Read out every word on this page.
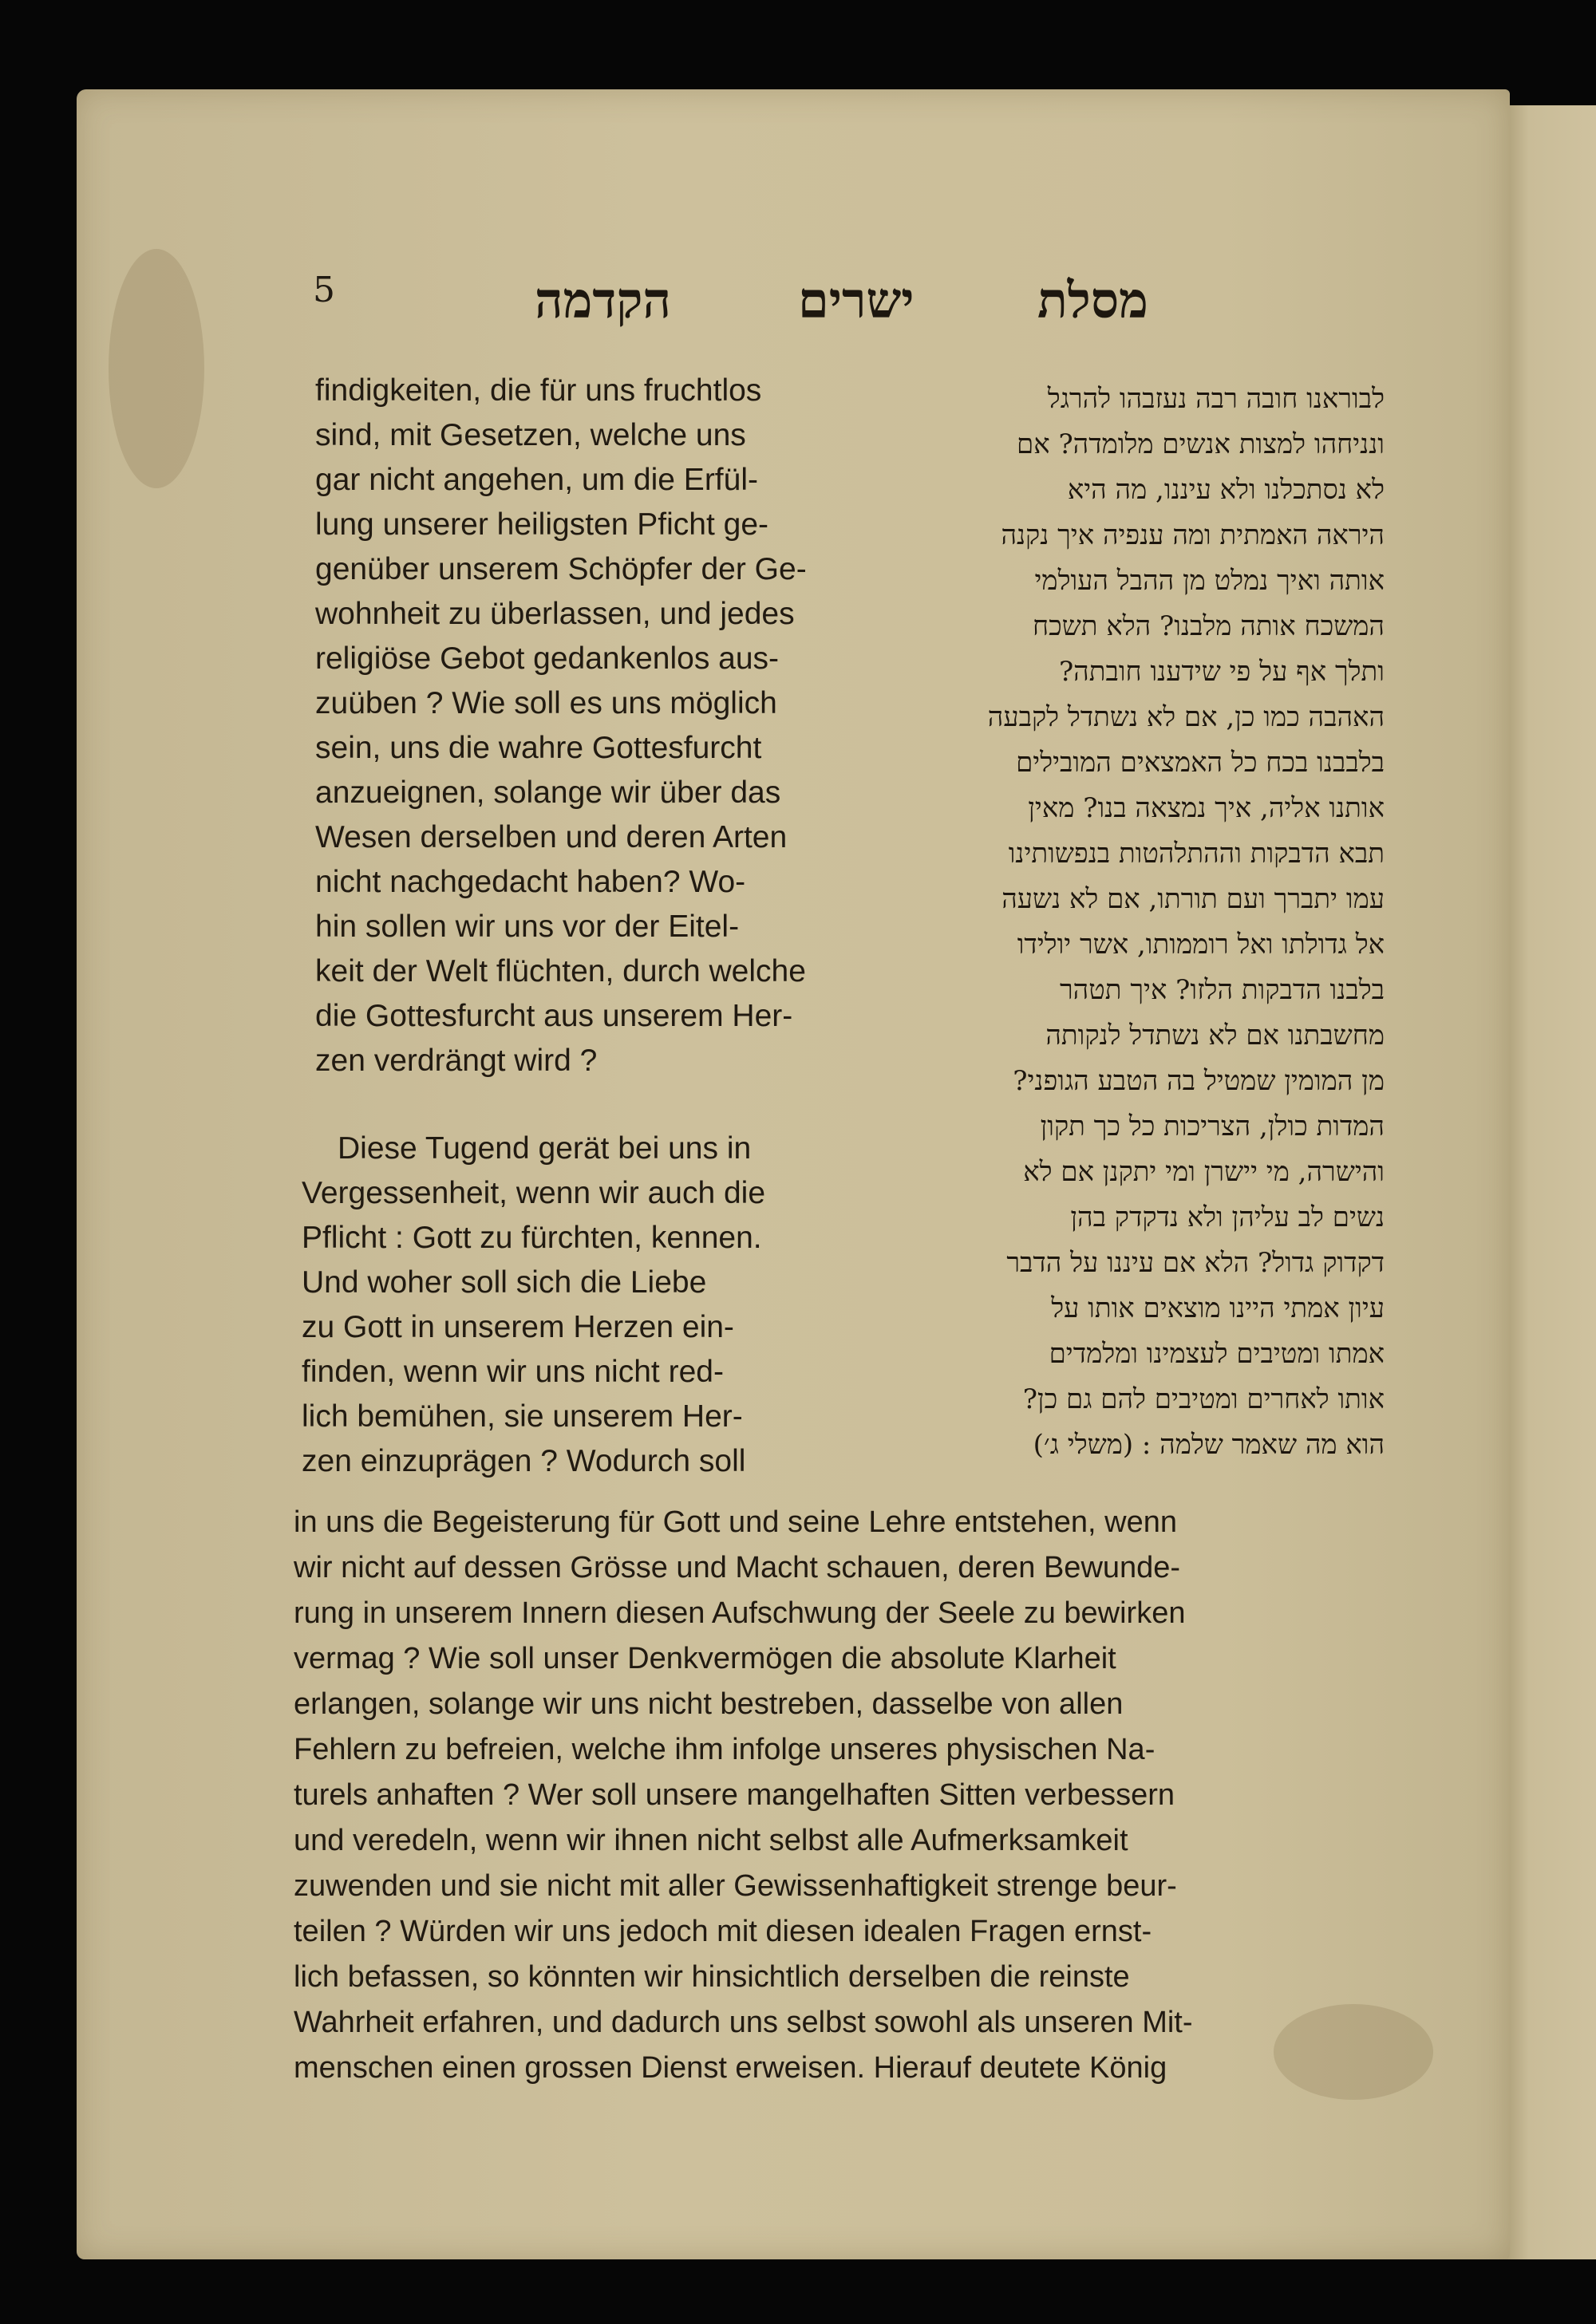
5	מסלת
ישרים
הקדמה
findigkeiten, die für uns fruchtlos
sind, mit Gesetzen, welche uns
gar nicht angehen, um die Erfül-
lung unserer heiligsten Pficht ge-
genüber unserem Schöpfer der Ge-
wohnheit zu überlassen, und jedes
religiöse Gebot gedankenlos aus-
zuüben ? Wie soll es uns möglich
sein, uns die wahre Gottesfurcht
anzueignen, solange wir über das
Wesen derselben und deren Arten
nicht nachgedacht haben? Wo-
hin sollen wir uns vor der Eitel-
keit der Welt flüchten, durch welche
die Gottesfurcht aus unserem Her-
zen verdrängt wird ?
Diese Tugend gerät bei uns in
Vergessenheit, wenn wir auch die
Pflicht : Gott zu fürchten, kennen.
Und woher soll sich die Liebe
zu Gott in unserem Herzen ein-
finden, wenn wir uns nicht red-
lich bemühen, sie unserem Her-
zen einzuprägen ? Wodurch soll
לבוראנו חובה רבה נעזבהו להרגל
ונניחהו למצות אנשים מלומדה? אם
לא נסתכלנו ולא עיננו, מה היא
היראה האמתית ומה ענפיה איך נקנה
אותה ואיך נמלט מן ההבל העולמי
המשכח אותה מלבנו? הלא תשכח
ותלך אף על פי שידענו חובתה?
האהבה כמו כן, אם לא נשתדל לקבעה
בלבבנו בכח כל האמצאים המובילים
אותנו אליה, איך נמצאה בנו? מאין
תבא הדבקות וההתלהטות בנפשותינו
עמו יתברך ועם תורתו, אם לא נשעה
אל גדולתו ואל רוממותו, אשר יולידו
בלבנו הדבקות הלזו? איך תטהר
מחשבתנו אם לא נשתדל לנקותה
מן המומין שמטיל בה הטבע הגופני?
המדות כולן, הצריכות כל כך תקון
והישרה, מי יישרן ומי יתקנן אם לא
נשים לב עליהן ולא נדקדק בהן
דקדוק גדול? הלא אם עיננו על הדבר
עיון אמתי היינו מוצאים אותו על
אמתו ומטיבים לעצמינו ומלמדים
אותו לאחרים ומטיבים להם גם כן?
הוא מה שאמר שלמה : (משלי ג׳)
in uns die Begeisterung für Gott und seine Lehre entstehen, wenn
wir nicht auf dessen Grösse und Macht schauen, deren Bewunde-
rung in unserem Innern diesen Aufschwung der Seele zu bewirken
vermag ? Wie soll unser Denkvermögen die absolute Klarheit
erlangen, solange wir uns nicht bestreben, dasselbe von allen
Fehlern zu befreien, welche ihm infolge unseres physischen Na-
turels anhaften ? Wer soll unsere mangelhaften Sitten verbessern
und veredeln, wenn wir ihnen nicht selbst alle Aufmerksamkeit
zuwenden und sie nicht mit aller Gewissenhaftigkeit strenge beur-
teilen ? Würden wir uns jedoch mit diesen idealen Fragen ernst-
lich befassen, so könnten wir hinsichtlich derselben die reinste
Wahrheit erfahren, und dadurch uns selbst sowohl als unseren Mit-
menschen einen grossen Dienst erweisen. Hierauf deutete König
